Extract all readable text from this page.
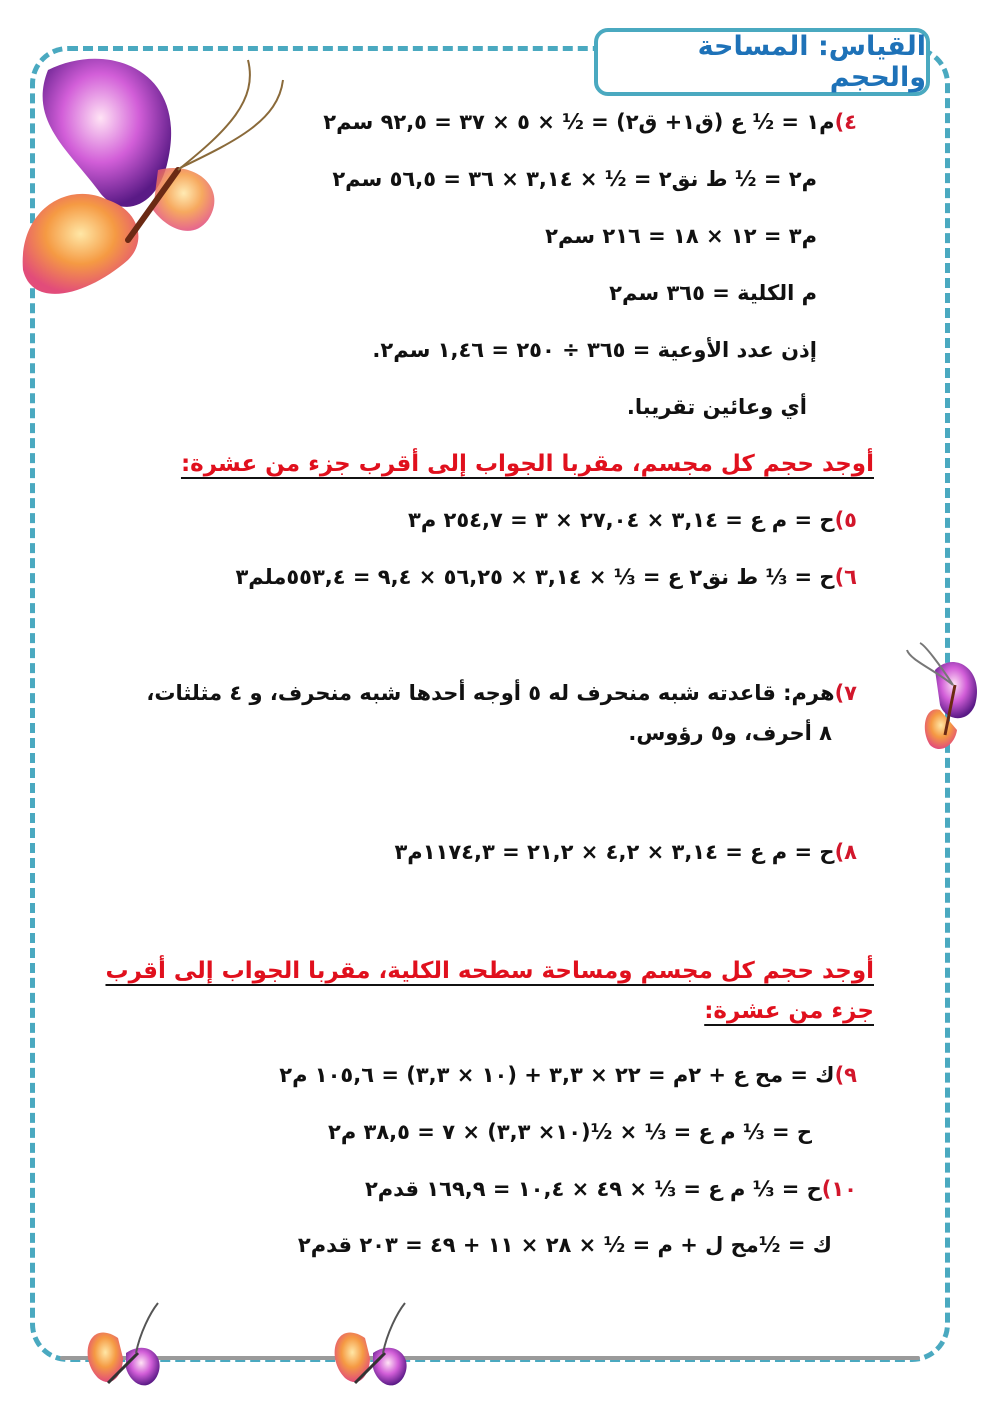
القياس: المساحة والحجم
٤)م١ = ½ ع (ق١+ ق٢) = ½ × ٥ × ٣٧ = ٩٢,٥ سم٢
م٢ = ½ ط نق٢ = ½ × ٣,١٤ × ٣٦ = ٥٦,٥ سم٢
م٣ = ١٢ × ١٨ = ٢١٦ سم٢
م الكلية = ٣٦٥ سم٢
إذن عدد الأوعية = ٣٦٥ ÷ ٢٥٠ = ١,٤٦ سم٢.
أي وعائين تقريبا.
أوجد حجم كل مجسم، مقربا الجواب إلى أقرب جزء من عشرة:
٥)ح = م ع = ٣,١٤ × ٢٧,٠٤ × ٣ = ٢٥٤,٧ م٣
٦)ح = ⅓ ط نق٢ ع = ⅓ × ٣,١٤ × ٥٦,٢٥ × ٩,٤ = ٥٥٣,٤ملم٣
٧)هرم: قاعدته شبه منحرف له ٥ أوجه أحدها شبه منحرف، و ٤ مثلثات،
٨ أحرف، و٥ رؤوس.
٨)ح = م ع = ٣,١٤ × ٤,٢ × ٢١,٢ = ١١٧٤,٣م٣
أوجد حجم كل مجسم ومساحة سطحه الكلية، مقربا الجواب إلى أقرب
جزء من عشرة:
٩)ك = مح ع + ٢م = ٢٢ × ٣,٣ + (١٠ × ٣,٣) = ١٠٥,٦ م٢
ح = ⅓ م ع = ⅓ × ½(١٠× ٣,٣) × ٧ = ٣٨,٥ م٢
١٠)ح = ⅓ م ع = ⅓ × ٤٩ × ١٠,٤ = ١٦٩,٩ قدم٢
ك = ½مح ل + م = ½ × ٢٨ × ١١ + ٤٩ = ٢٠٣ قدم٢
